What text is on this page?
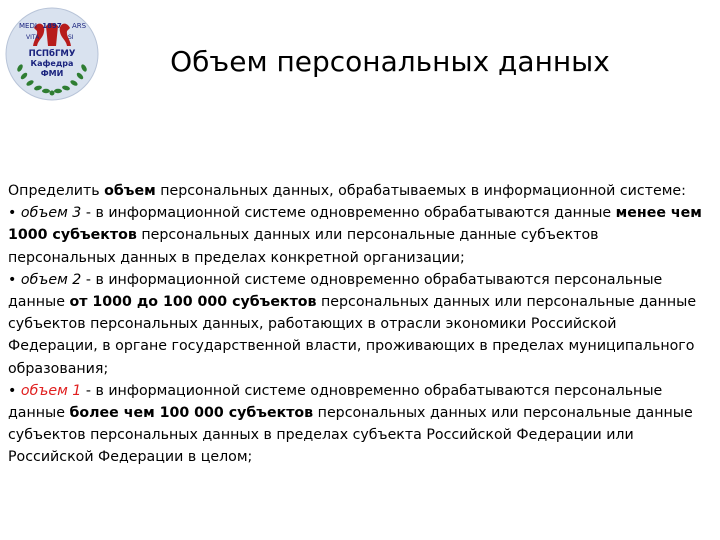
MEDI 1897 ARS
VITA	SI
ПСПбГМУ
Кафедра
ФМИ	Объем персональных данных
Определить объем персональных данных, обрабатываемых в информационной системе:
• объем 3 - в информационной системе одновременно обрабатываются данные менее чем 1000 субъектов персональных данных или персональные данные субъектов персональных данных в пределах конкретной организации;
• объем 2 - в информационной системе одновременно обрабатываются персональные данные от 1000 до 100 000 субъектов персональных данных или персональные данные субъектов персональных данных, работающих в отрасли экономики Российской Федерации, в органе государственной власти, проживающих в пределах муниципального образования;
• объем 1 - в информационной системе одновременно обрабатываются персональные данные более чем 100 000 субъектов персональных данных или персональные данные субъектов персональных данных в пределах субъекта Российской Федерации или Российской Федерации в целом;
